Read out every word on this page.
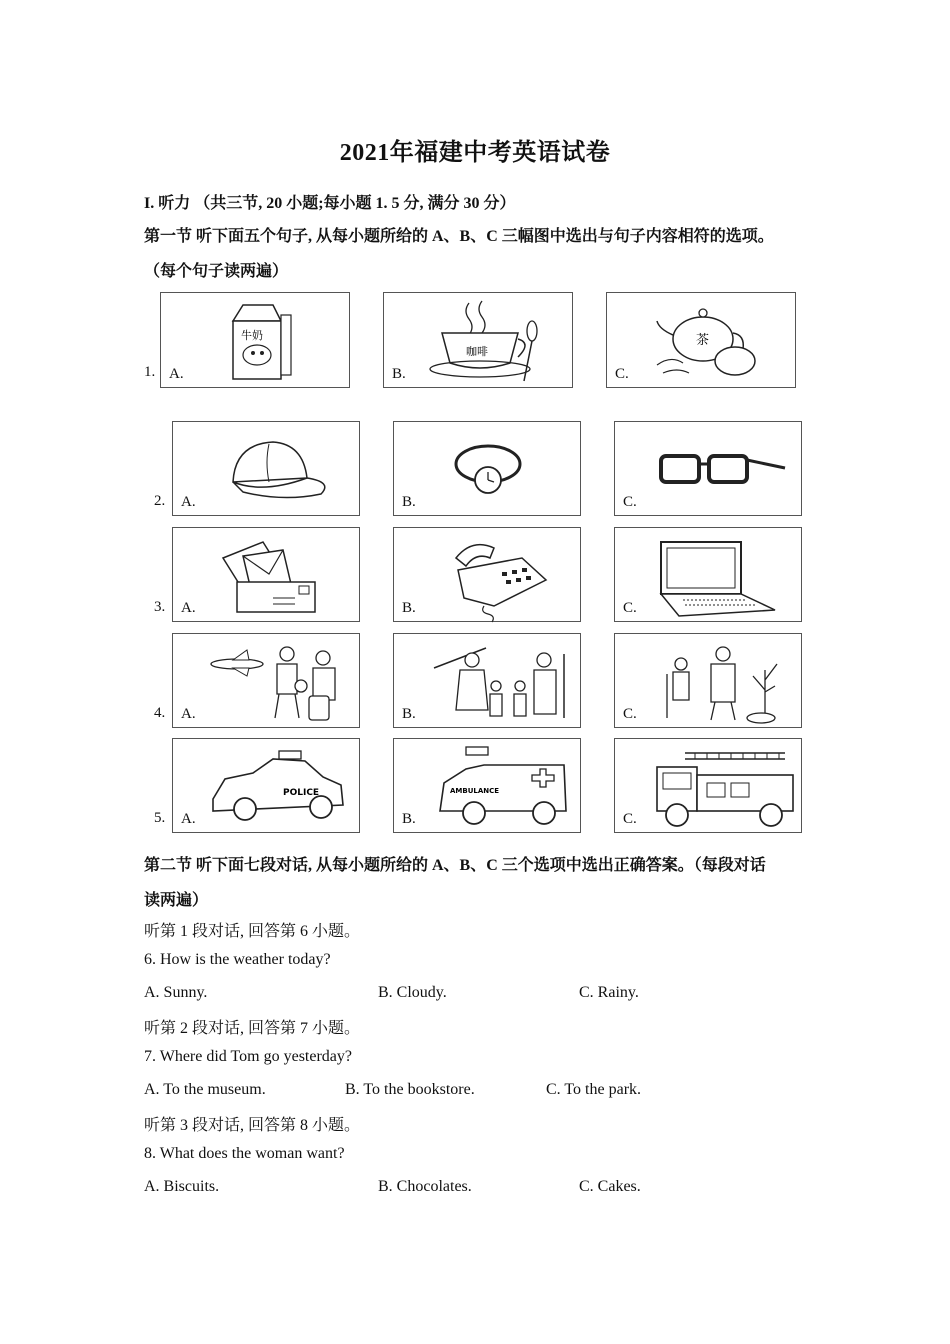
2021年福建中考英语试卷
I. 听力 （共三节, 20 小题;每小题 1. 5 分, 满分 30 分）
第一节 听下面五个句子, 从每小题所给的 A、B、C 三幅图中选出与句子内容相符的选项。
（每个句子读两遍）
1.
牛奶
A.
咖啡
B.
茶
C.
2. A.	B.	C.
3. A.	B.	C.
4. A.	B.	C.
5.
POLICE
A.
AMBULANCE
B.	C.
第二节 听下面七段对话, 从每小题所给的 A、B、C 三个选项中选出正确答案。（每段对话
读两遍）
听第 1 段对话, 回答第 6 小题。
6. How is the weather today?
A. Sunny.	B. Cloudy.	C. Rainy.
听第 2 段对话, 回答第 7 小题。
7. Where did Tom go yesterday?
A. To the museum.	B. To the bookstore.	C. To the park.
听第 3 段对话, 回答第 8 小题。
8. What does the woman want?
A. Biscuits.	B. Chocolates.	C. Cakes.
